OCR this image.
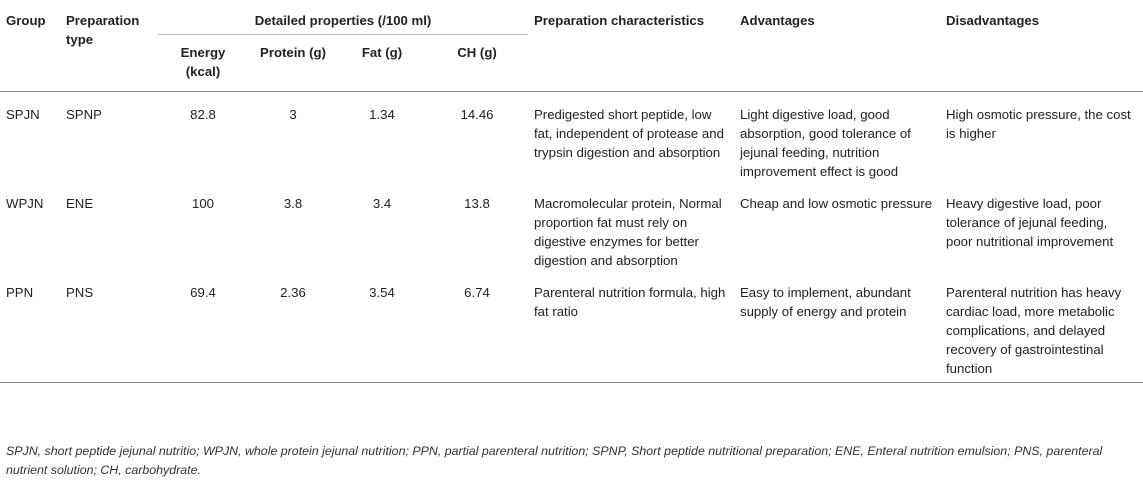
Group	Preparation type	Detailed properties (/100 ml)				Preparation characteristics	Advantages	Disadvantages
		Energy (kcal)	Protein (g)	Fat (g)	CH (g)			
SPJN	SPNP	82.8	3	1.34	14.46	Predigested short peptide, low fat, independent of protease and trypsin digestion and absorption	Light digestive load, good absorption, good tolerance of jejunal feeding, nutrition improvement effect is good	High osmotic pressure, the cost is higher
WPJN	ENE	100	3.8	3.4	13.8	Macromolecular protein, Normal proportion fat must rely on digestive enzymes for better digestion and absorption	Cheap and low osmotic pressure	Heavy digestive load, poor tolerance of jejunal feeding, poor nutritional improvement
PPN	PNS	69.4	2.36	3.54	6.74	Parenteral nutrition formula, high fat ratio	Easy to implement, abundant supply of energy and protein	Parenteral nutrition has heavy cardiac load, more metabolic complications, and delayed recovery of gastrointestinal function
SPJN, short peptide jejunal nutritio; WPJN, whole protein jejunal nutrition; PPN, partial parenteral nutrition; SPNP, Short peptide nutritional preparation; ENE, Enteral nutrition emulsion; PNS, parenteral nutrient solution; CH, carbohydrate.
